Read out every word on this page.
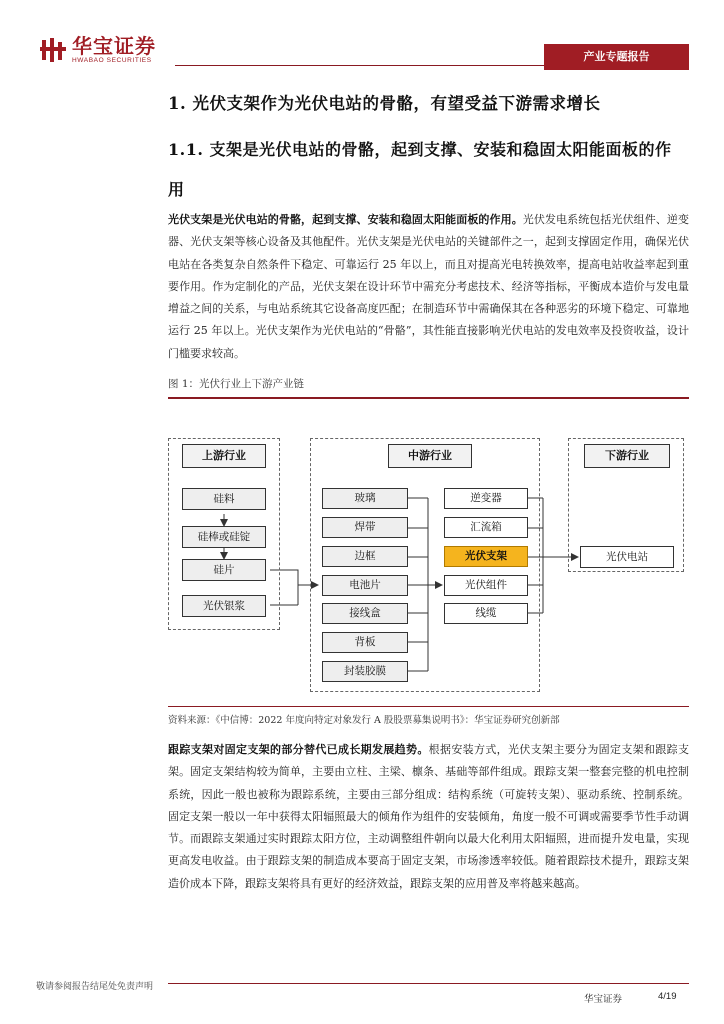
华宝证券
HWABAO SECURITIES	产业专题报告
1. 光伏支架作为光伏电站的骨骼，有望受益下游需求增长
1.1. 支架是光伏电站的骨骼，起到支撑、安装和稳固太阳能面板的作
用
光伏支架是光伏电站的骨骼，起到支撑、安装和稳固太阳能面板的作用。光伏发电系统包括光伏组件、逆变器、光伏支架等核心设备及其他配件。光伏支架是光伏电站的关键部件之一，起到支撑固定作用，确保光伏电站在各类复杂自然条件下稳定、可靠运行 25 年以上，而且对提高光电转换效率，提高电站收益率起到重要作用。作为定制化的产品，光伏支架在设计环节中需充分考虑技术、经济等指标，平衡成本造价与发电量增益之间的关系，与电站系统其它设备高度匹配；在制造环节中需确保其在各种恶劣的环境下稳定、可靠地运行 25 年以上。光伏支架作为光伏电站的“骨骼”，其性能直接影响光伏电站的发电效率及投资收益，设计门槛要求较高。
图 1：光伏行业上下游产业链
上游行业
硅料
硅棒或硅锭
硅片
光伏银浆
中游行业
玻璃
焊带
边框
电池片
接线盒
背板
封装胶膜
逆变器
汇流箱
光伏支架
光伏组件
线缆
下游行业
光伏电站
资料来源：《中信博：2022 年度向特定对象发行 A 股股票募集说明书》：华宝证券研究创新部
跟踪支架对固定支架的部分替代已成长期发展趋势。根据安装方式，光伏支架主要分为固定支架和跟踪支架。固定支架结构较为简单，主要由立柱、主梁、檩条、基础等部件组成。跟踪支架一整套完整的机电控制系统，因此一般也被称为跟踪系统，主要由三部分组成：结构系统（可旋转支架）、驱动系统、控制系统。固定支架一般以一年中获得太阳辐照最大的倾角作为组件的安装倾角，角度一般不可调或需要季节性手动调节。而跟踪支架通过实时跟踪太阳方位，主动调整组件朝向以最大化利用太阳辐照，进而提升发电量，实现更高发电收益。由于跟踪支架的制造成本要高于固定支架，市场渗透率较低。随着跟踪技术提升，跟踪支架造价成本下降，跟踪支架将具有更好的经济效益，跟踪支架的应用普及率将越来越高。
敬请参阅报告结尾处免责声明
华宝证券	4/19
